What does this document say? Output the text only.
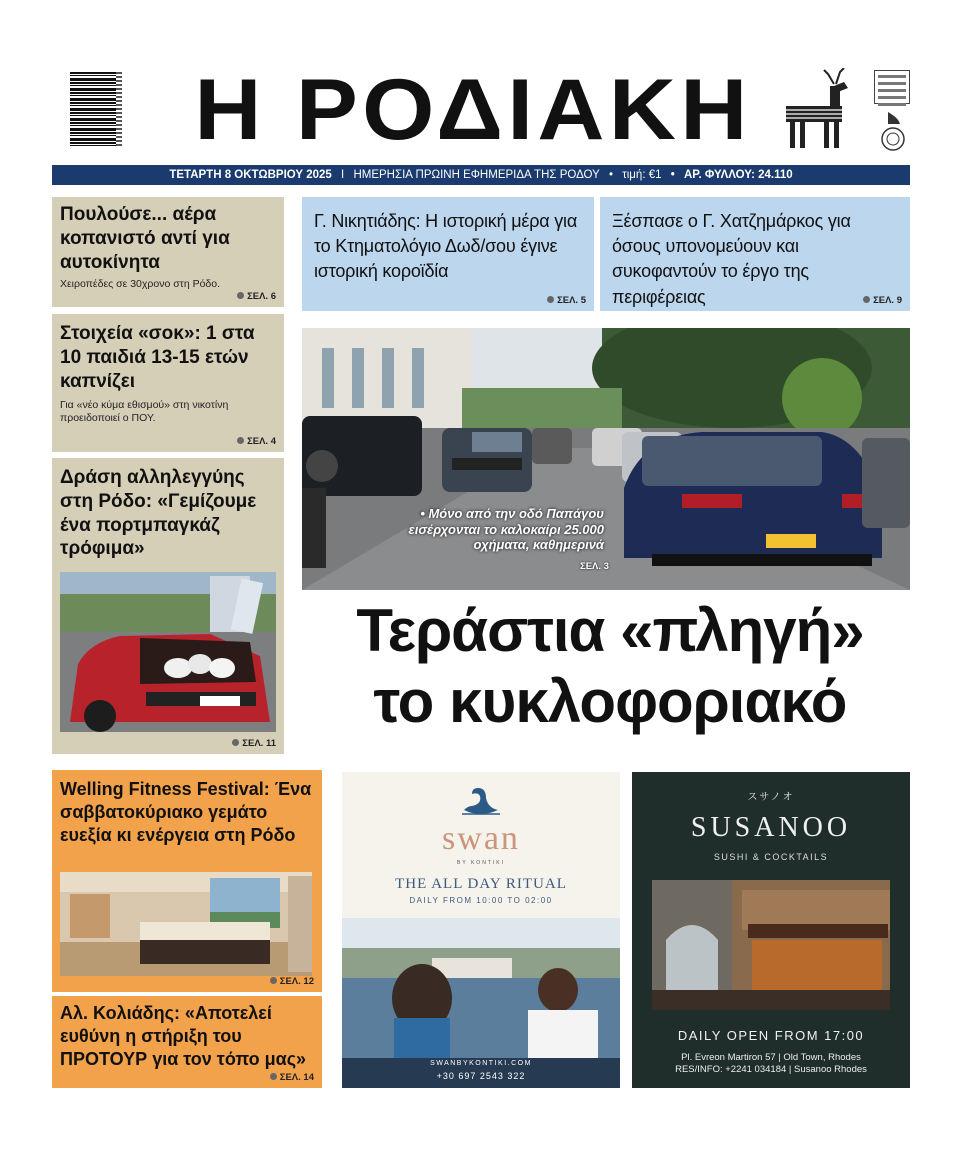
Η ΡΟΔΙΑΚΗ
ΤΕΤΑΡΤΗ 8 ΟΚΤΩΒΡΙΟΥ 2025 Ι ΗΜΕΡΗΣΙΑ ΠΡΩΙΝΗ ΕΦΗΜΕΡΙΔΑ ΤΗΣ ΡΟΔΟΥ • τιμή: €1 • ΑΡ. ΦΥΛΛΟΥ: 24.110
Πουλούσε... αέρα κοπανιστό αντί για αυτοκίνητα
Χειροπέδες σε 30χρονο στη Ρόδο.
ΣΕΛ. 6
Στοιχεία «σοκ»: 1 στα 10 παιδιά 13-15 ετών καπνίζει
Για «νέο κύμα εθισμού» στη νικοτίνη προειδοποιεί ο ΠΟΥ.
ΣΕΛ. 4
Δράση αλληλεγγύης στη Ρόδο: «Γεμίζουμε ένα πορτμπαγκάζ τρόφιμα»
ΣΕΛ. 11
Γ. Νικητιάδης: Η ιστορική μέρα για το Κτηματολόγιο Δωδ/σου έγινε ιστορική κοροϊδία
ΣΕΛ. 5
Ξέσπασε ο Γ. Χατζημάρκος για όσους υπονομεύουν και συκοφαντούν το έργο της περιφέρειας	ΣΕΛ. 9
• Μόνο από την οδό Παπάγου εισέρχονται το καλοκαίρι 25.000 οχήματα, καθημερινά
ΣΕΛ. 3
Τεράστια «πληγή»
το κυκλοφοριακό
Welling Fitness Festival: Ένα σαββατοκύριακο γεμάτο ευεξία κι ενέργεια στη Ρόδο
ΣΕΛ. 12
Αλ. Κολιάδης: «Αποτελεί ευθύνη η στήριξη του ΠΡΟΤΟΥΡ για τον τόπο μας»
ΣΕΛ. 14
swan
BY KONTIKI
THE ALL DAY RITUAL
DAILY FROM 10:00 TO 02:00
SWANBYKONTIKI.COM
+30 697 2543 322
スサノオ
SUSANOO
SUSHI & COCKTAILS
DAILY OPEN FROM 17:00
Pl. Evreon Martiron 57 | Old Town, Rhodes
RES/INFO: +2241 034184 | Susanoo Rhodes
